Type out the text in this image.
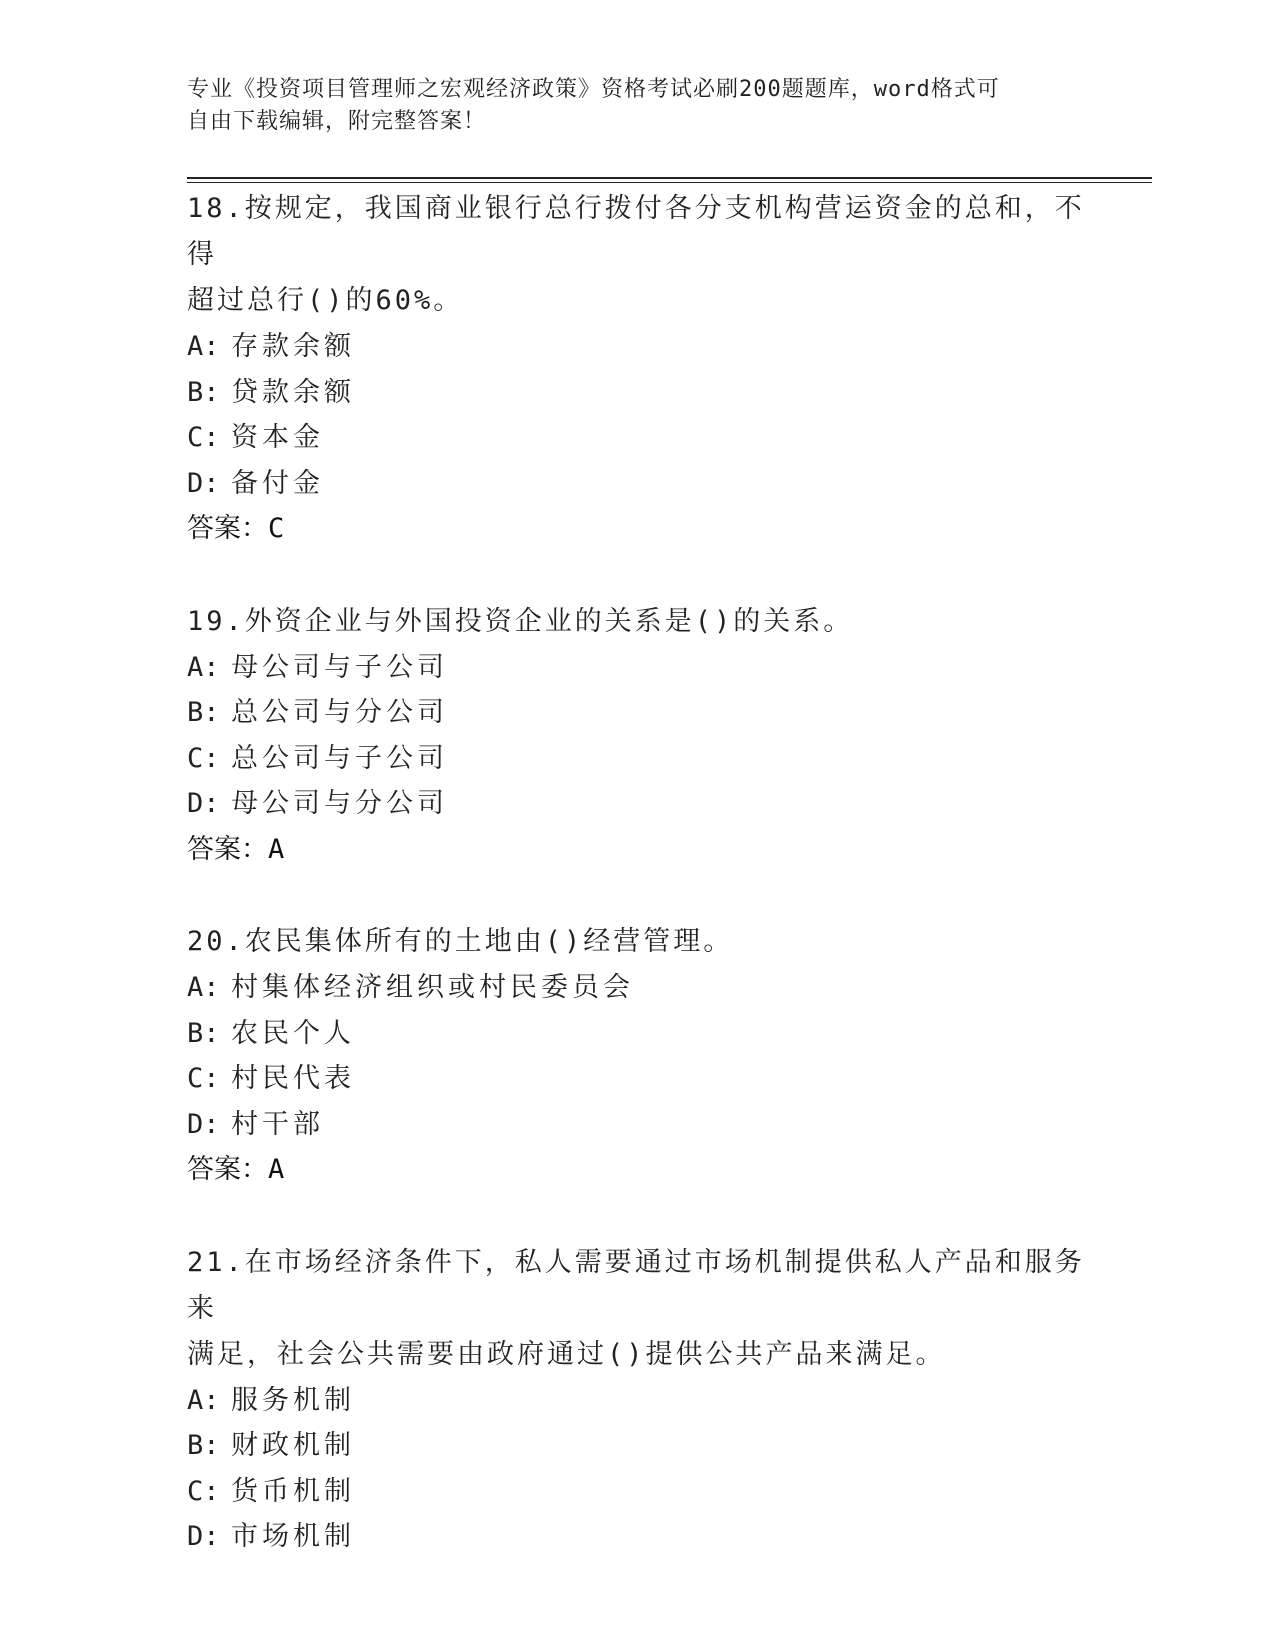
专业《投资项目管理师之宏观经济政策》资格考试必刷200题题库，word格式可
自由下载编辑，附完整答案！

18.按规定，我国商业银行总行拨付各分支机构营运资金的总和，不得

超过总行()的60%。

A: 存款余额
B: 贷款余额
C: 资本金
D: 备付金
答案：C

19.外资企业与外国投资企业的关系是()的关系。

A: 母公司与子公司
B: 总公司与分公司
C: 总公司与子公司
D: 母公司与分公司
答案：A

20.农民集体所有的土地由()经营管理。

A: 村集体经济组织或村民委员会
B: 农民个人
C: 村民代表
D: 村干部
答案：A

21.在市场经济条件下，私人需要通过市场机制提供私人产品和服务来

满足，社会公共需要由政府通过()提供公共产品来满足。

A: 服务机制
B: 财政机制
C: 货币机制
D: 市场机制
